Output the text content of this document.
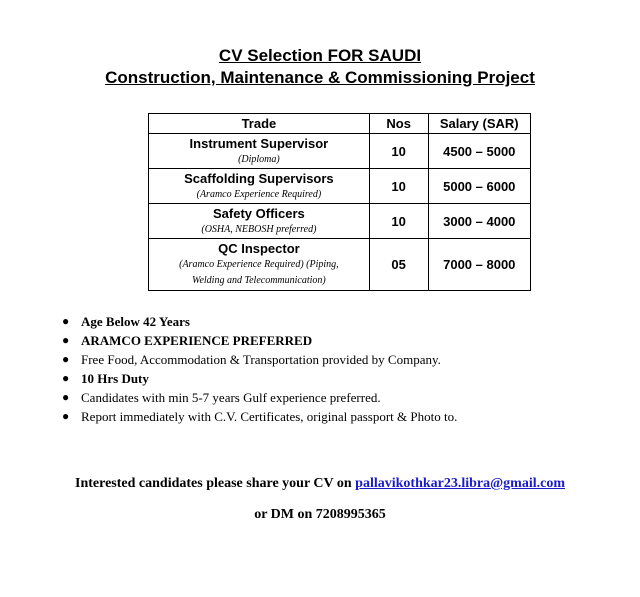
CV Selection FOR SAUDI
Construction, Maintenance & Commissioning Project
Trade	Nos	Salary (SAR)

Instrument Supervisor
(Diploma)	10	4500 – 5000

Scaffolding Supervisors
(Aramco Experience Required)	10	5000 – 6000

Safety Officers
(OSHA, NEBOSH preferred)	10	3000 – 4000

QC Inspector
(Aramco Experience Required) (Piping,
Welding and Telecommunication)	05	7000 – 8000
● Age Below 42 Years
● ARAMCO EXPERIENCE PREFERRED
● Free Food, Accommodation & Transportation provided by Company.
● 10 Hrs Duty
● Candidates with min 5-7 years Gulf experience preferred.
● Report immediately with C.V. Certificates, original passport & Photo to.
Interested candidates please share your CV on pallavikothkar23.libra@gmail.com
or DM on 7208995365
